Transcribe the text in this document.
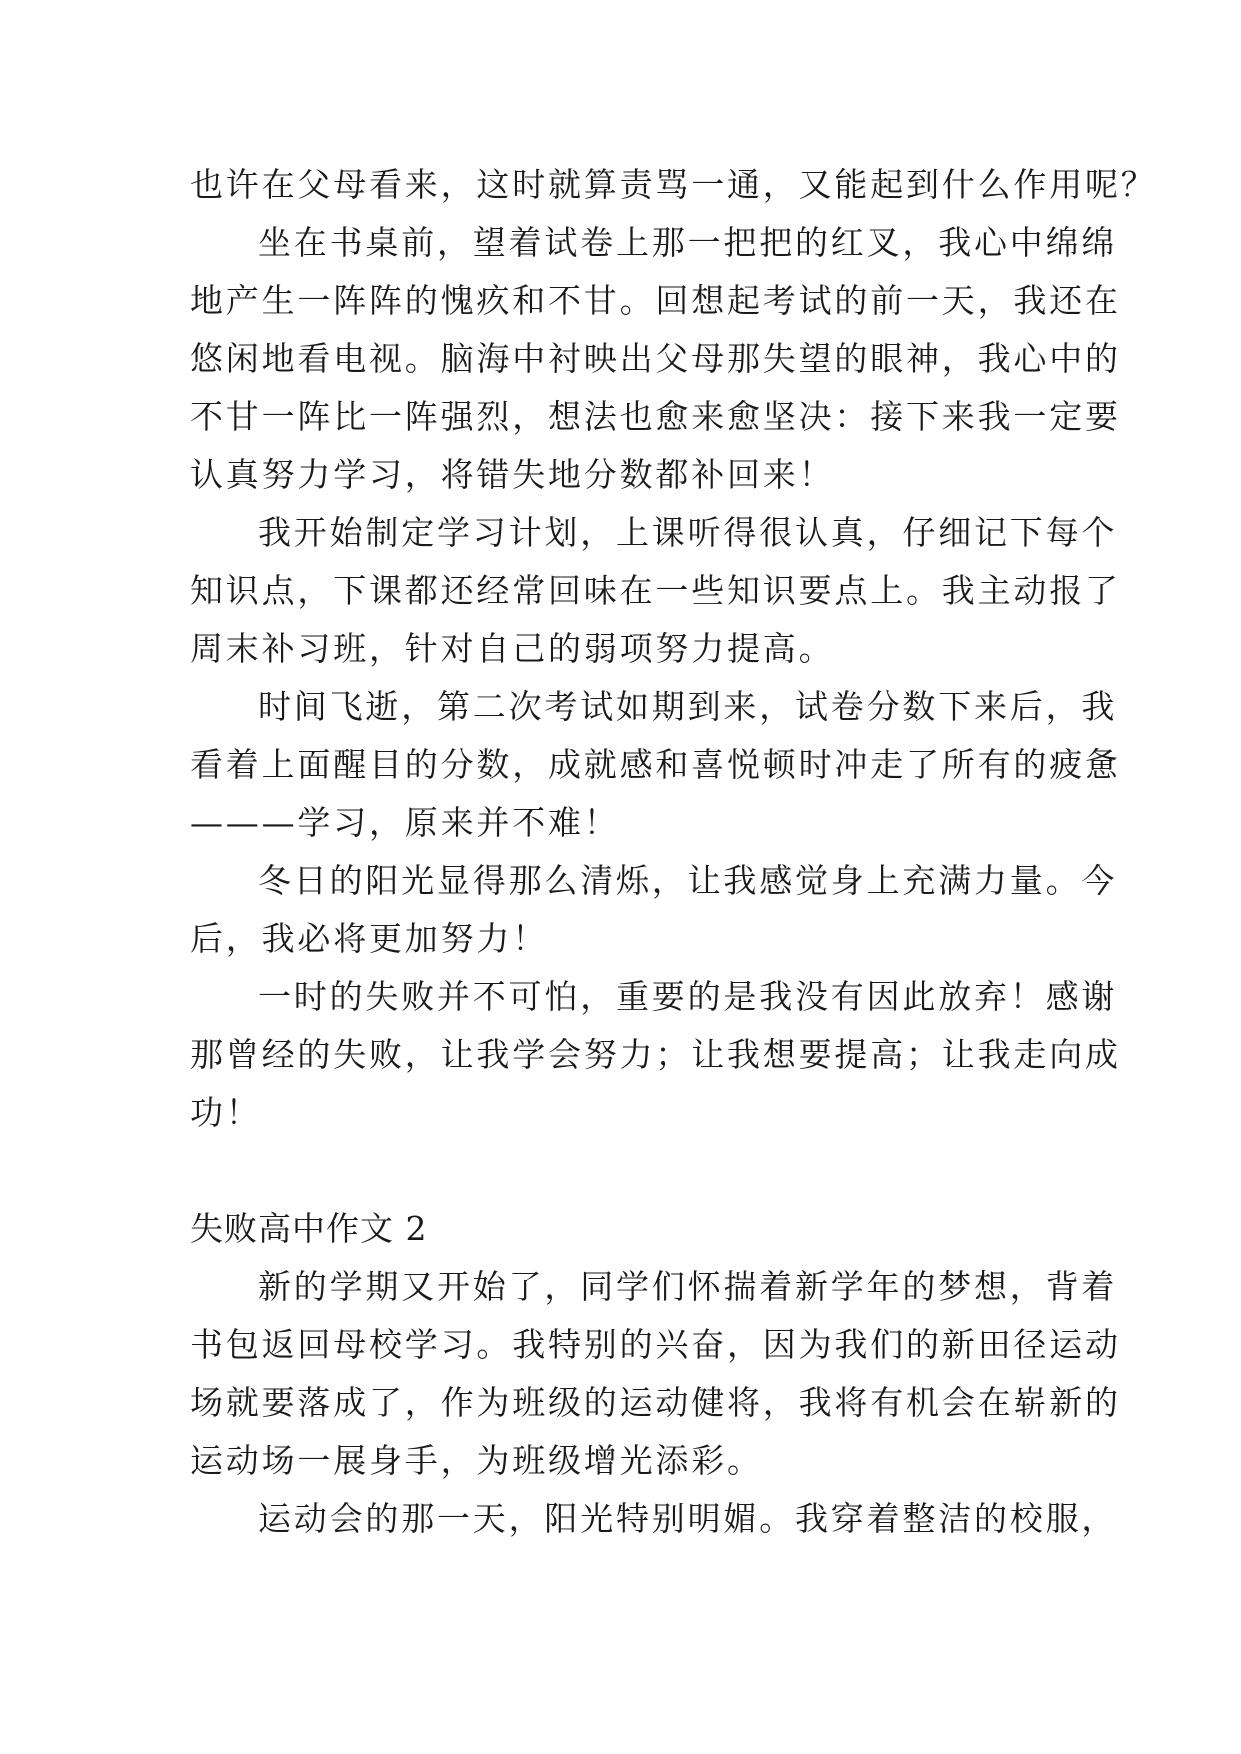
也许在父母看来，这时就算责骂一通，又能起到什么作用呢？
坐在书桌前，望着试卷上那一把把的红叉，我心中绵绵
地产生一阵阵的愧疚和不甘。回想起考试的前一天，我还在
悠闲地看电视。脑海中衬映出父母那失望的眼神，我心中的
不甘一阵比一阵强烈，想法也愈来愈坚决：接下来我一定要
认真努力学习，将错失地分数都补回来！
我开始制定学习计划，上课听得很认真，仔细记下每个
知识点，下课都还经常回味在一些知识要点上。我主动报了
周末补习班，针对自己的弱项努力提高。
时间飞逝，第二次考试如期到来，试卷分数下来后，我
看着上面醒目的分数，成就感和喜悦顿时冲走了所有的疲惫
———学习，原来并不难！
冬日的阳光显得那么清烁，让我感觉身上充满力量。今
后，我必将更加努力！
一时的失败并不可怕，重要的是我没有因此放弃！感谢
那曾经的失败，让我学会努力；让我想要提高；让我走向成
功！
失败高中作文 2
新的学期又开始了，同学们怀揣着新学年的梦想，背着
书包返回母校学习。我特别的兴奋，因为我们的新田径运动
场就要落成了，作为班级的运动健将，我将有机会在崭新的
运动场一展身手，为班级增光添彩。
运动会的那一天，阳光特别明媚。我穿着整洁的校服，
